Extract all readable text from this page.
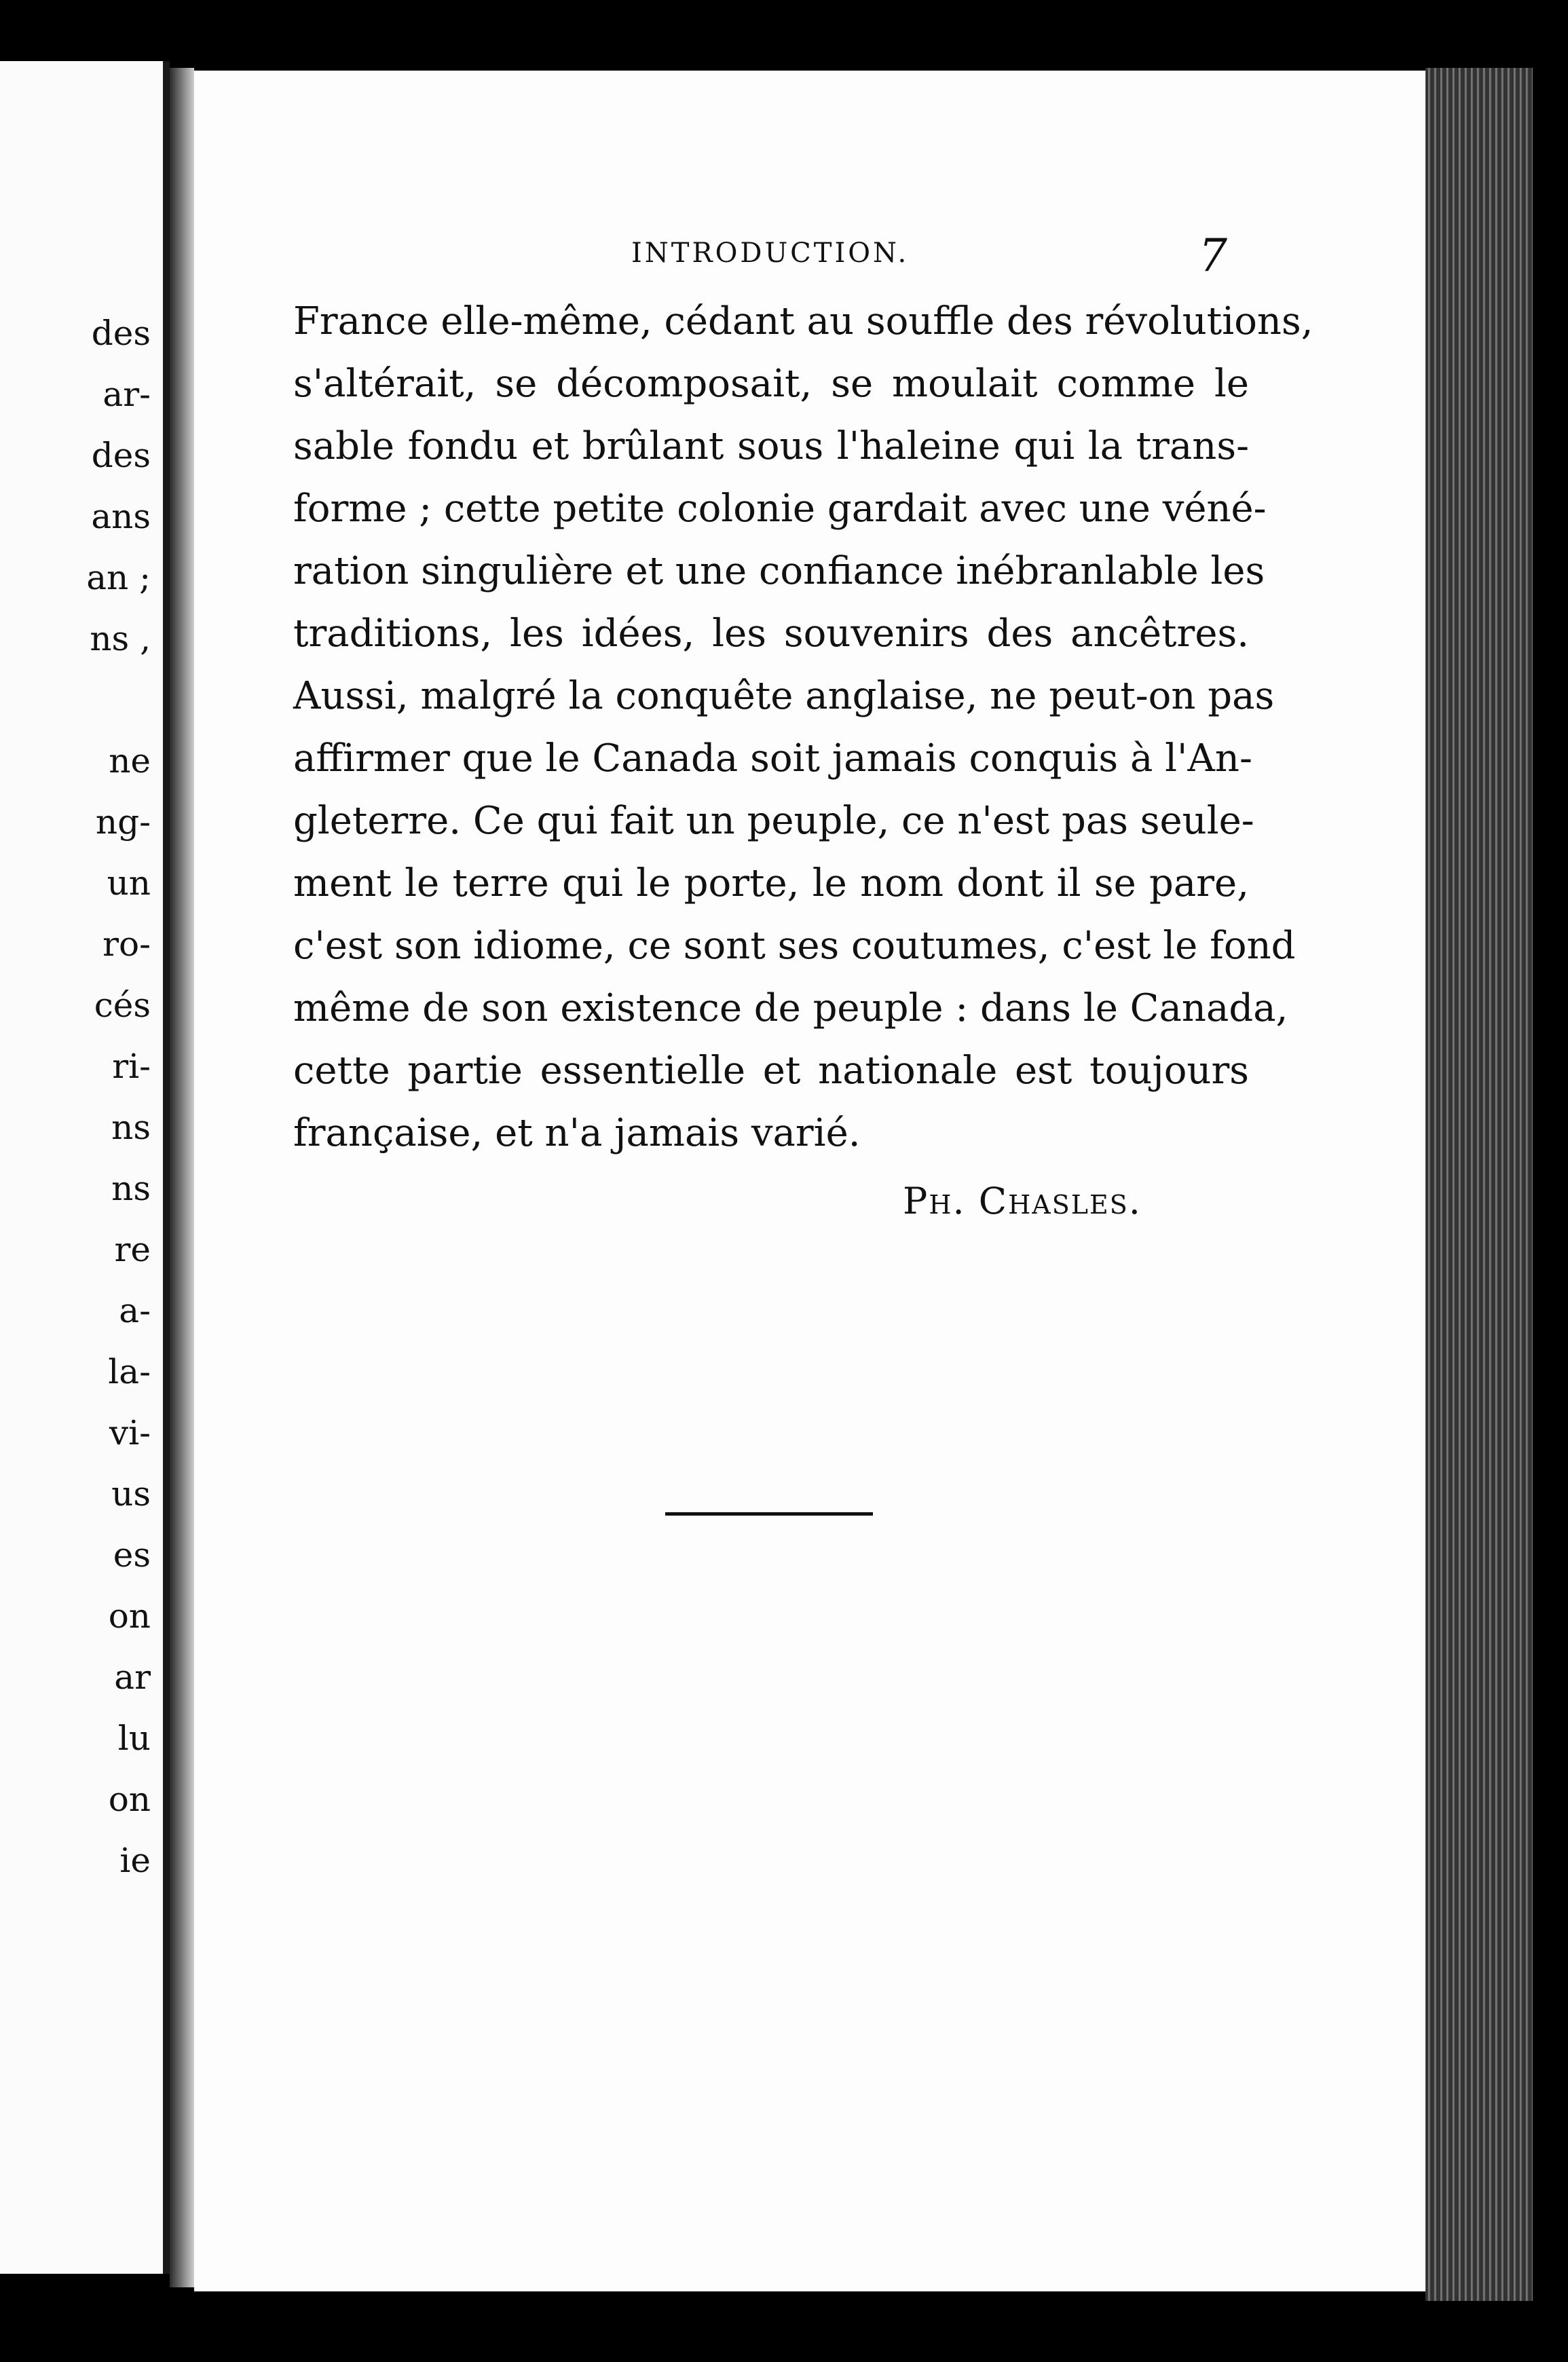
des
ar-
des
ans
an ;
ns ,
ne
ng-
un
ro-
cés
ri-
ns
ns
re
a-
la-
vi-
us
es
on
ar
lu
on
ie
INTRODUCTION.	7
France elle-même, cédant au souffle des révolutions,
s'altérait, se décomposait, se moulait comme le
sable fondu et brûlant sous l'haleine qui la trans-
forme ; cette petite colonie gardait avec une véné-
ration singulière et une confiance inébranlable les
traditions, les idées, les souvenirs des ancêtres.
Aussi, malgré la conquête anglaise, ne peut-on pas
affirmer que le Canada soit jamais conquis à l'An-
gleterre. Ce qui fait un peuple, ce n'est pas seule-
ment le terre qui le porte, le nom dont il se pare,
c'est son idiome, ce sont ses coutumes, c'est le fond
même de son existence de peuple : dans le Canada,
cette partie essentielle et nationale est toujours
française, et n'a jamais varié.
Ph. Chasles.
